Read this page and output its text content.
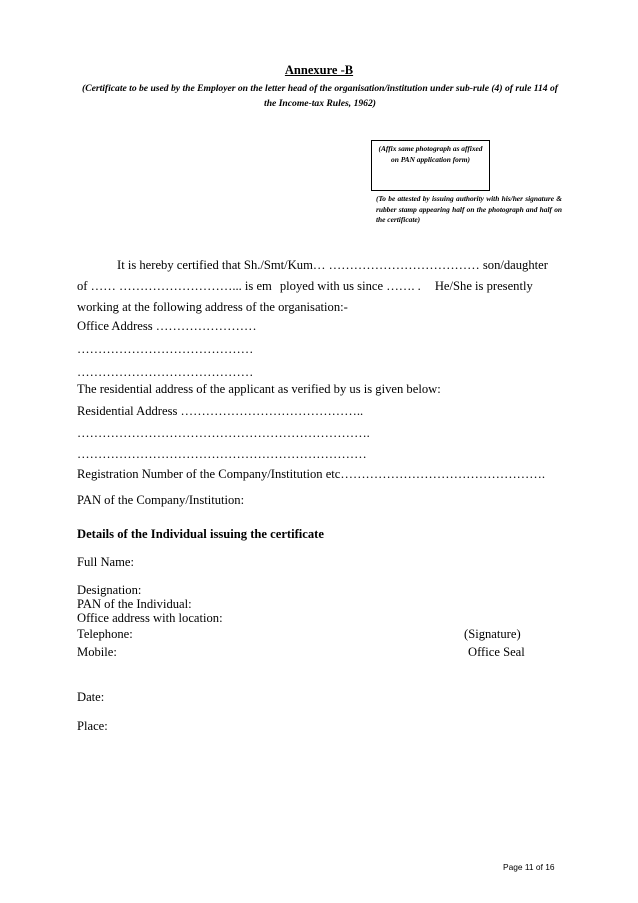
Annexure -B

(Certificate to be used by the Employer on the letter head of the organisation/institution under sub-rule (4) of rule 114 of the Income-tax Rules, 1962)

(Affix same photograph as affixed on PAN application form)

(To be attested by issuing authority with his/her signature & rubber stamp appearing half on the photograph and half on the certificate)

It is hereby certified that Sh./Smt/Kum… ……………………………… son/daughter
of …… ………………………... is em ployed with us since ……. . He/She is presently
working at the following address of the organisation:-

Office Address ……………………

……………………………………

……………………………………

The residential address of the applicant as verified by us is given below:

Residential Address ……………………………………..

…………………………………………………………….

……………………………………………………………

Registration Number of the Company/Institution etc………………………………………….

PAN of the Company/Institution:

Details of the Individual issuing the certificate

Full Name:

Designation:

PAN of the Individual:

Office address with location:

Telephone:	(Signature)

Mobile:	Office Seal

Date:

Place:

Page 11 of 16
